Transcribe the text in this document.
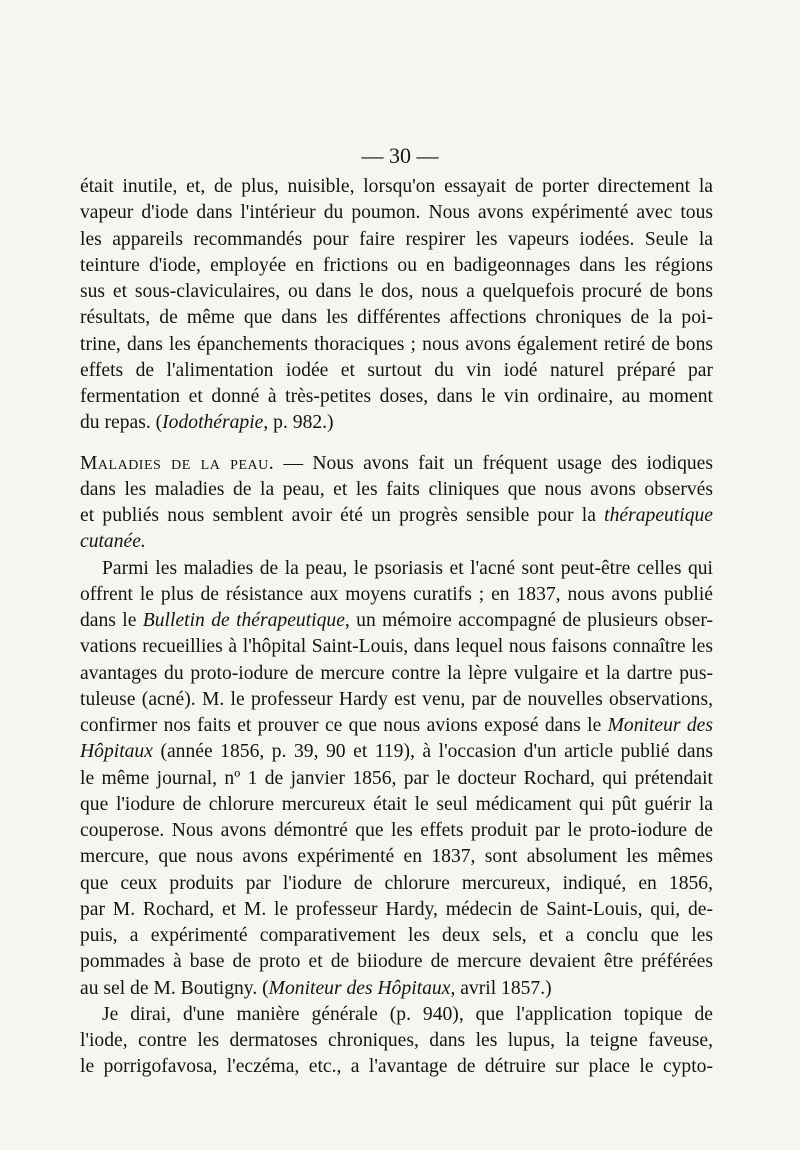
— 30 —
était inutile, et, de plus, nuisible, lorsqu'on essayait de porter directement la
vapeur d'iode dans l'intérieur du poumon. Nous avons expérimenté avec tous
les appareils recommandés pour faire respirer les vapeurs iodées. Seule la
teinture d'iode, employée en frictions ou en badigeonnages dans les régions
sus et sous-claviculaires, ou dans le dos, nous a quelquefois procuré de bons
résultats, de même que dans les différentes affections chroniques de la poi-
trine, dans les épanchements thoraciques ; nous avons également retiré de bons
effets de l'alimentation iodée et surtout du vin iodé naturel préparé par
fermentation et donné à très-petites doses, dans le vin ordinaire, au moment
du repas. (Iodothérapie, p. 982.)
Maladies de la peau. — Nous avons fait un fréquent usage des iodiques
dans les maladies de la peau, et les faits cliniques que nous avons observés
et publiés nous semblent avoir été un progrès sensible pour la thérapeutique
cutanée.
Parmi les maladies de la peau, le psoriasis et l'acné sont peut-être celles qui
offrent le plus de résistance aux moyens curatifs ; en 1837, nous avons publié
dans le Bulletin de thérapeutique, un mémoire accompagné de plusieurs obser-
vations recueillies à l'hôpital Saint-Louis, dans lequel nous faisons connaître les
avantages du proto-iodure de mercure contre la lèpre vulgaire et la dartre pus-
tuleuse (acné). M. le professeur Hardy est venu, par de nouvelles observations,
confirmer nos faits et prouver ce que nous avions exposé dans le Moniteur des
Hôpitaux (année 1856, p. 39, 90 et 119), à l'occasion d'un article publié dans
le même journal, nº 1 de janvier 1856, par le docteur Rochard, qui prétendait
que l'iodure de chlorure mercureux était le seul médicament qui pût guérir la
couperose. Nous avons démontré que les effets produit par le proto-iodure de
mercure, que nous avons expérimenté en 1837, sont absolument les mêmes
que ceux produits par l'iodure de chlorure mercureux, indiqué, en 1856,
par M. Rochard, et M. le professeur Hardy, médecin de Saint-Louis, qui, de-
puis, a expérimenté comparativement les deux sels, et a conclu que les
pommades à base de proto et de biiodure de mercure devaient être préférées
au sel de M. Boutigny. (Moniteur des Hôpitaux, avril 1857.)
Je dirai, d'une manière générale (p. 940), que l'application topique de
l'iode, contre les dermatoses chroniques, dans les lupus, la teigne faveuse,
le porrigofavosa, l'eczéma, etc., a l'avantage de détruire sur place le cypto-
